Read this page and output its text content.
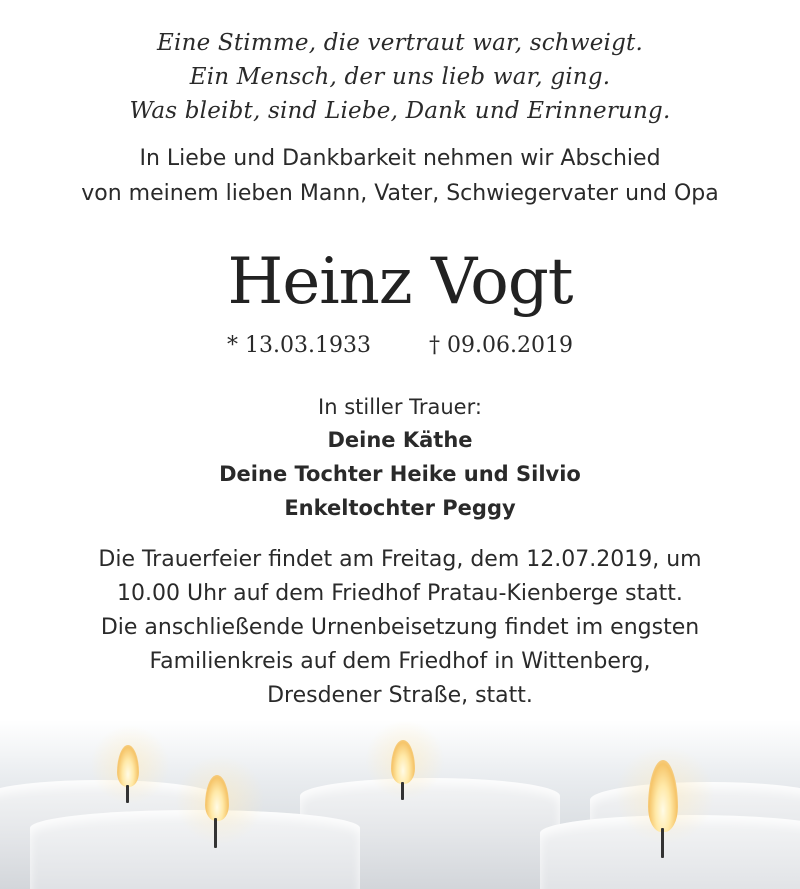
Eine Stimme, die vertraut war, schweigt.
Ein Mensch, der uns lieb war, ging.
Was bleibt, sind Liebe, Dank und Erinnerung.
In Liebe und Dankbarkeit nehmen wir Abschied
von meinem lieben Mann, Vater, Schwiegervater und Opa
Heinz Vogt
* 13.03.1933	† 09.06.2019
In stiller Trauer:
Deine Käthe
Deine Tochter Heike und Silvio
Enkeltochter Peggy
Die Trauerfeier findet am Freitag, dem 12.07.2019, um
10.00 Uhr auf dem Friedhof Pratau-Kienberge statt.
Die anschließende Urnenbeisetzung findet im engsten
Familienkreis auf dem Friedhof in Wittenberg,
Dresdener Straße, statt.
